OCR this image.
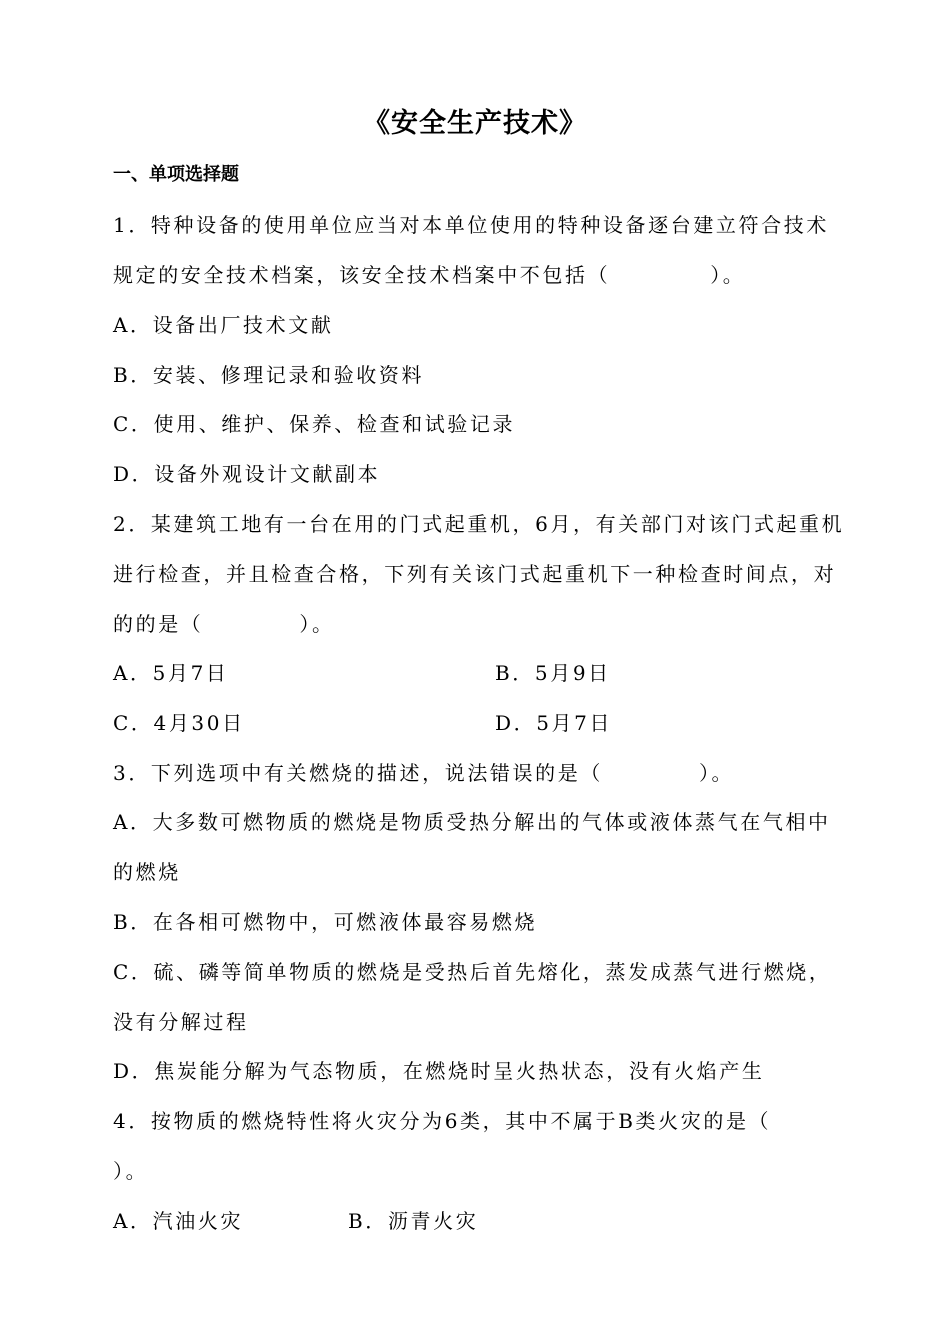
《安全生产技术》
一、单项选择题
1．特种设备的使用单位应当对本单位使用的特种设备逐台建立符合技术
规定的安全技术档案，该安全技术档案中不包括（	）。
A．设备出厂技术文献
B．安装、修理记录和验收资料
C．使用、维护、保养、检查和试验记录
D．设备外观设计文献副本
2．某建筑工地有一台在用的门式起重机，6月，有关部门对该门式起重机
进行检查，并且检查合格，下列有关该门式起重机下一种检查时间点，对
的的是（	）。
A．5月7日	B．5月9日
C．4月30日	D．5月7日
3．下列选项中有关燃烧的描述，说法错误的是（	）。
A．大多数可燃物质的燃烧是物质受热分解出的气体或液体蒸气在气相中
的燃烧
B．在各相可燃物中，可燃液体最容易燃烧
C．硫、磷等简单物质的燃烧是受热后首先熔化，蒸发成蒸气进行燃烧，
没有分解过程
D．焦炭能分解为气态物质，在燃烧时呈火热状态，没有火焰产生
4．按物质的燃烧特性将火灾分为6类，其中不属于B类火灾的是（
）。
A．汽油火灾	B．沥青火灾
